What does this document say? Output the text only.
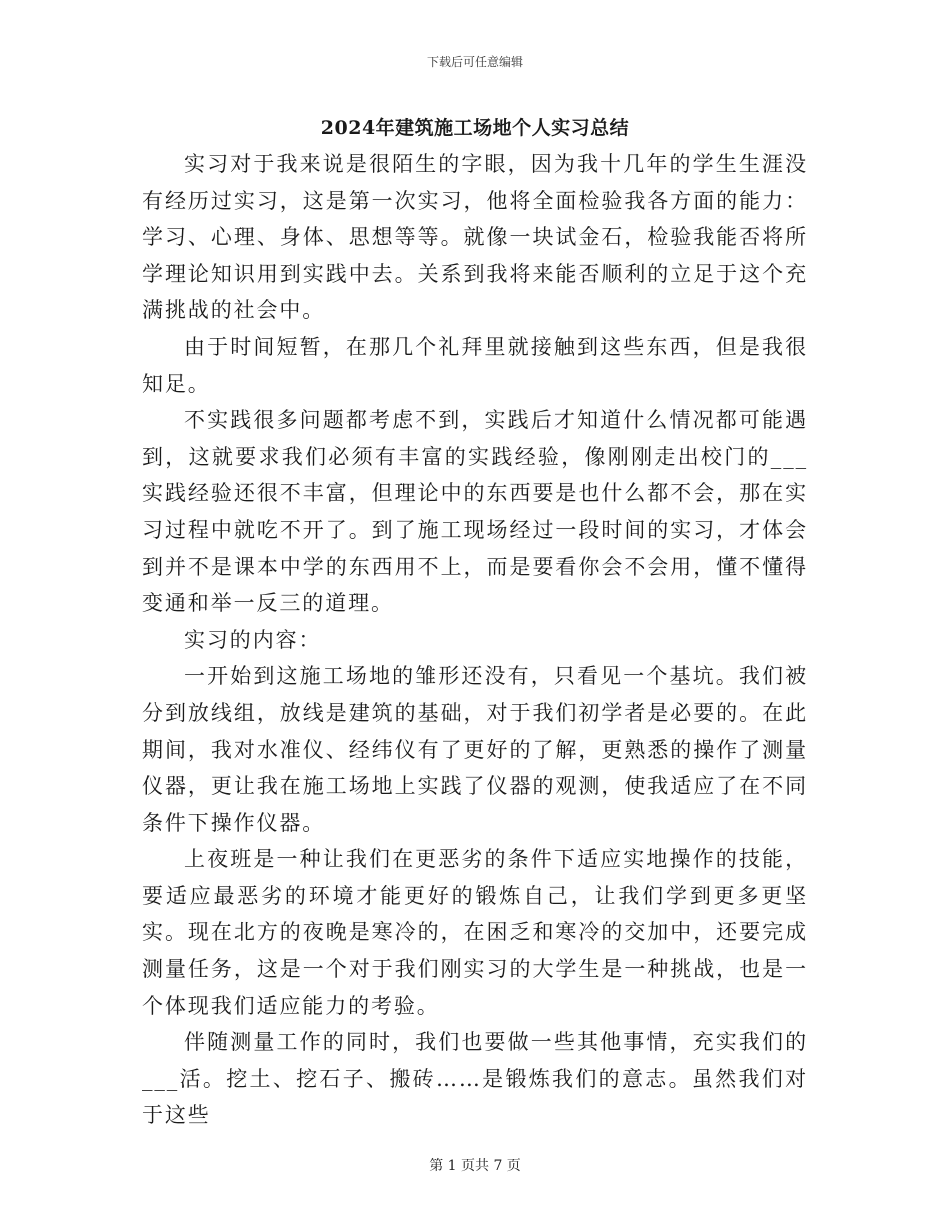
下载后可任意编辑
2024年建筑施工场地个人实习总结

实习对于我来说是很陌生的字眼，因为我十几年的学生生涯没有经历过实习，这是第一次实习，他将全面检验我各方面的能力：学习、心理、身体、思想等等。就像一块试金石，检验我能否将所学理论知识用到实践中去。关系到我将来能否顺利的立足于这个充满挑战的社会中。

由于时间短暂，在那几个礼拜里就接触到这些东西，但是我很知足。

不实践很多问题都考虑不到，实践后才知道什么情况都可能遇到，这就要求我们必须有丰富的实践经验，像刚刚走出校门的___实践经验还很不丰富，但理论中的东西要是也什么都不会，那在实习过程中就吃不开了。到了施工现场经过一段时间的实习，才体会到并不是课本中学的东西用不上，而是要看你会不会用，懂不懂得变通和举一反三的道理。

实习的内容：

一开始到这施工场地的雏形还没有，只看见一个基坑。我们被分到放线组，放线是建筑的基础，对于我们初学者是必要的。在此期间，我对水准仪、经纬仪有了更好的了解，更熟悉的操作了测量仪器，更让我在施工场地上实践了仪器的观测，使我适应了在不同条件下操作仪器。

上夜班是一种让我们在更恶劣的条件下适应实地操作的技能，要适应最恶劣的环境才能更好的锻炼自己，让我们学到更多更坚实。现在北方的夜晚是寒冷的，在困乏和寒冷的交加中，还要完成测量任务，这是一个对于我们刚实习的大学生是一种挑战，也是一个体现我们适应能力的考验。

伴随测量工作的同时，我们也要做一些其他事情，充实我们的___活。挖土、挖石子、搬砖……是锻炼我们的意志。虽然我们对于这些

第 1 页共 7 页
